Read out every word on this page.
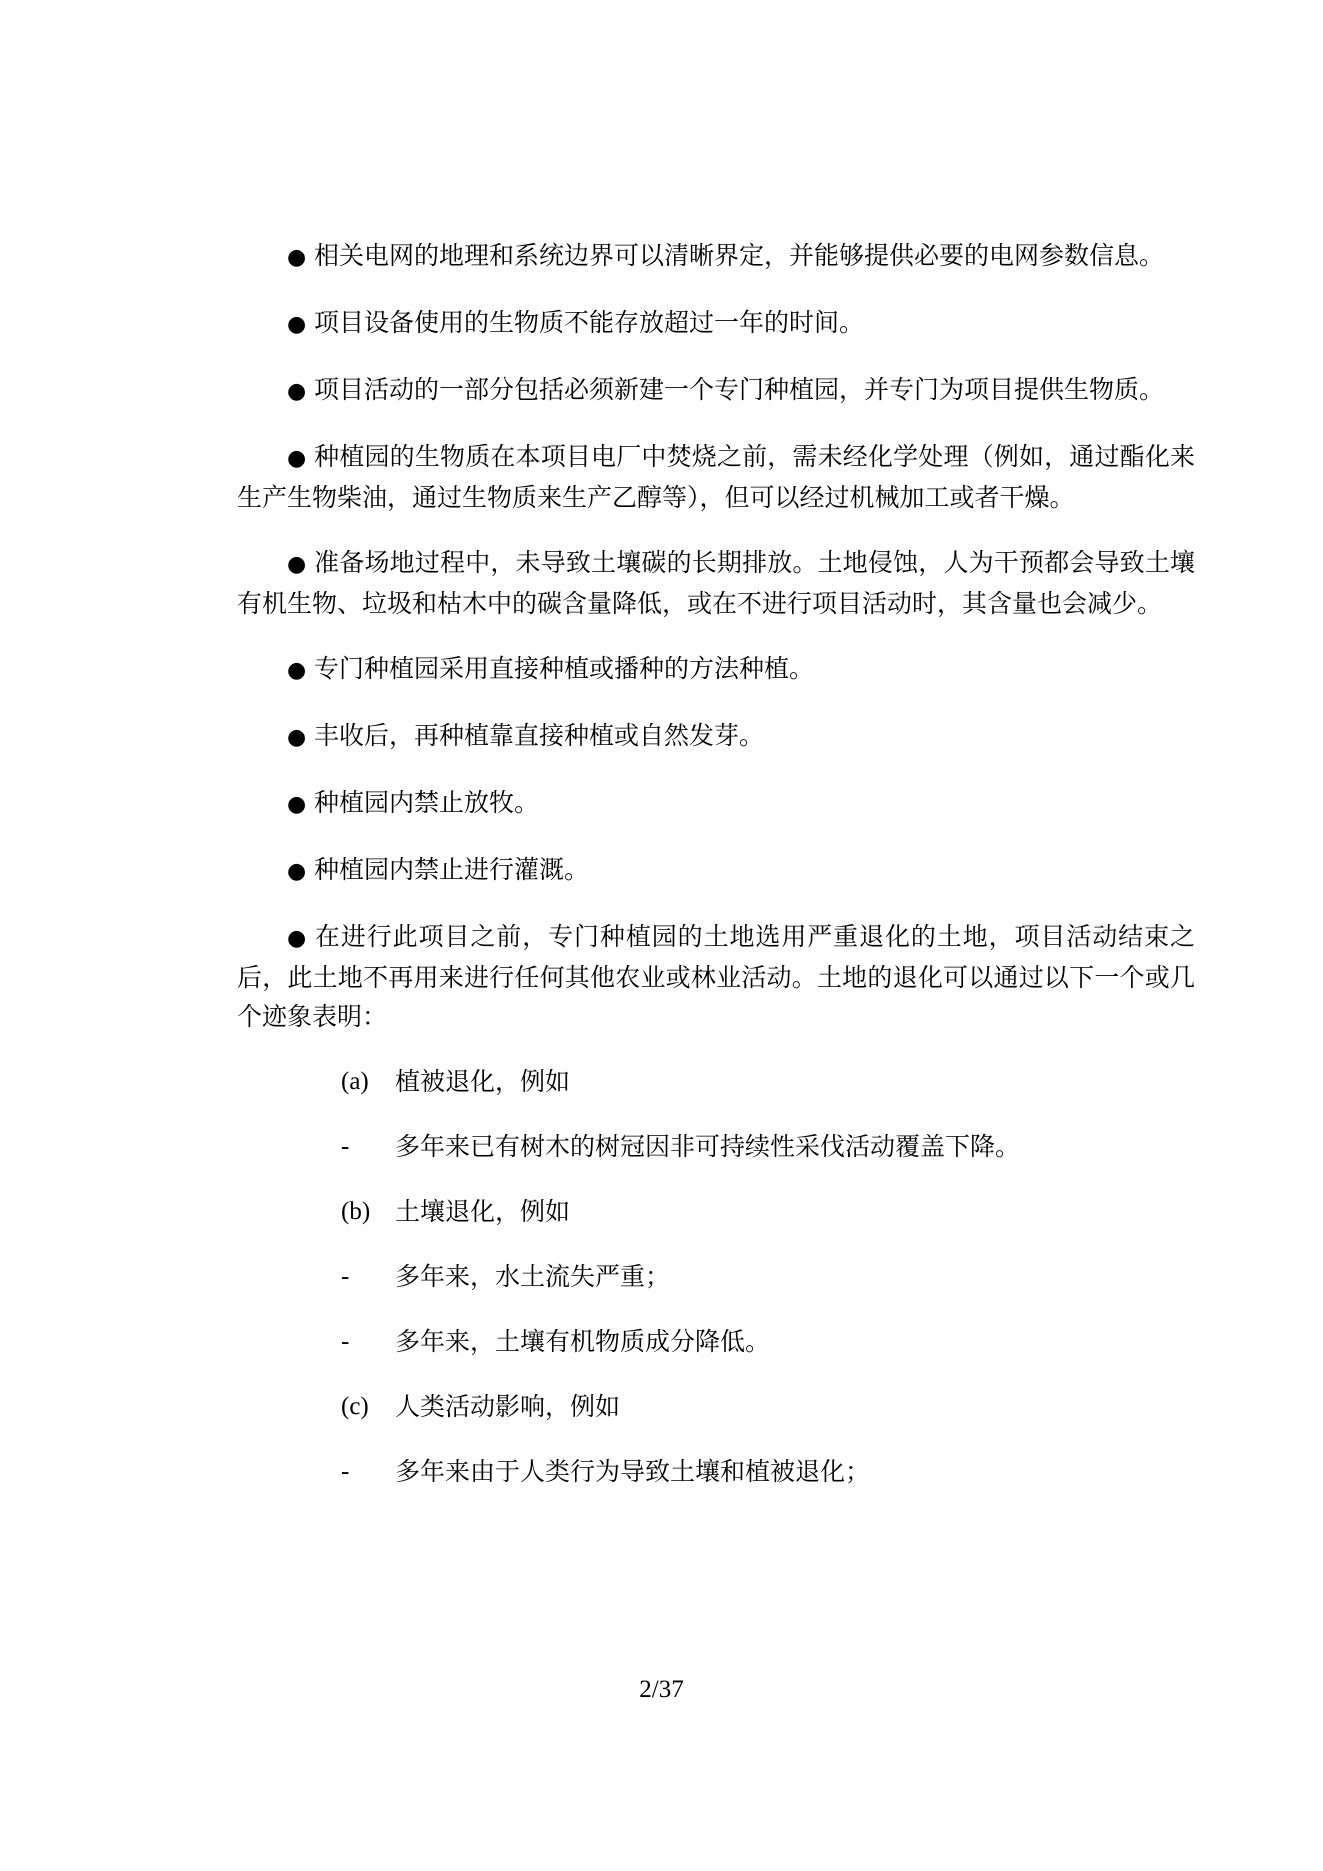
● 相关电网的地理和系统边界可以清晰界定，并能够提供必要的电网参数信息。

● 项目设备使用的生物质不能存放超过一年的时间。

● 项目活动的一部分包括必须新建一个专门种植园，并专门为项目提供生物质。

● 种植园的生物质在本项目电厂中焚烧之前，需未经化学处理（例如，通过酯化来生产生物柴油，通过生物质来生产乙醇等），但可以经过机械加工或者干燥。

● 准备场地过程中，未导致土壤碳的长期排放。土地侵蚀，人为干预都会导致土壤有机生物、垃圾和枯木中的碳含量降低，或在不进行项目活动时，其含量也会减少。

● 专门种植园采用直接种植或播种的方法种植。

● 丰收后，再种植靠直接种植或自然发芽。

● 种植园内禁止放牧。

● 种植园内禁止进行灌溉。

● 在进行此项目之前，专门种植园的土地选用严重退化的土地，项目活动结束之后，此土地不再用来进行任何其他农业或林业活动。土地的退化可以通过以下一个或几个迹象表明：

(a) 植被退化，例如
- 多年来已有树木的树冠因非可持续性采伐活动覆盖下降。
(b) 土壤退化，例如
- 多年来，水土流失严重；
- 多年来，土壤有机物质成分降低。
(c) 人类活动影响，例如
- 多年来由于人类行为导致土壤和植被退化；
2/37
